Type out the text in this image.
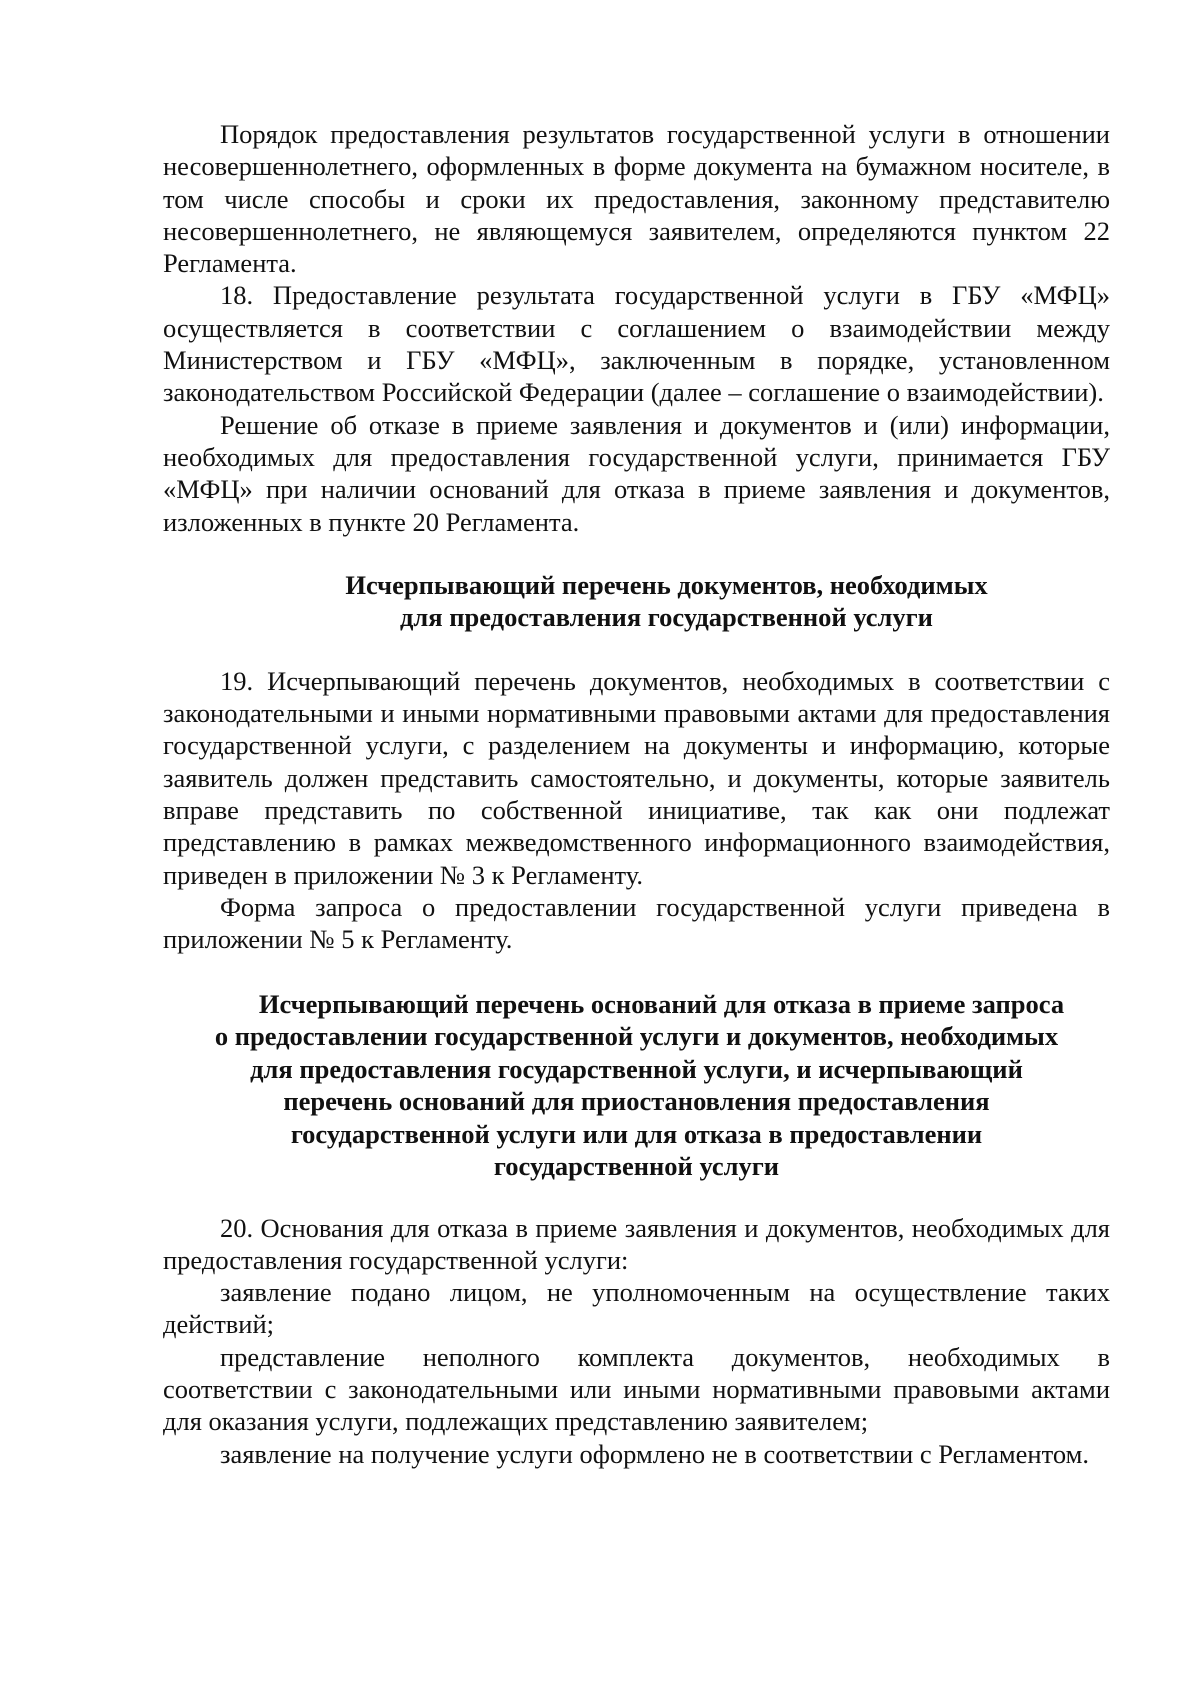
Порядок предоставления результатов государственной услуги в отношении несовершеннолетнего, оформленных в форме документа на бумажном носителе, в том числе способы и сроки их предоставления, законному представителю несовершеннолетнего, не являющемуся заявителем, определяются пунктом 22 Регламента.

18. Предоставление результата государственной услуги в ГБУ «МФЦ» осуществляется в соответствии с соглашением о взаимодействии между Министерством и ГБУ «МФЦ», заключенным в порядке, установленном законодательством Российской Федерации (далее – соглашение о взаимодействии).

Решение об отказе в приеме заявления и документов и (или) информации, необходимых для предоставления государственной услуги, принимается ГБУ «МФЦ» при наличии оснований для отказа в приеме заявления и документов, изложенных в пункте 20 Регламента.

Исчерпывающий перечень документов, необходимых
для предоставления государственной услуги

19. Исчерпывающий перечень документов, необходимых в соответствии с законодательными и иными нормативными правовыми актами для предоставления государственной услуги, с разделением на документы и информацию, которые заявитель должен представить самостоятельно, и документы, которые заявитель вправе представить по собственной инициативе, так как они подлежат представлению в рамках межведомственного информационного взаимодействия, приведен в приложении № 3 к Регламенту.

Форма запроса о предоставлении государственной услуги приведена в приложении № 5 к Регламенту.

Исчерпывающий перечень оснований для отказа в приеме запроса
о предоставлении государственной услуги и документов, необходимых
для предоставления государственной услуги, и исчерпывающий
перечень оснований для приостановления предоставления
государственной услуги или для отказа в предоставлении
государственной услуги

20. Основания для отказа в приеме заявления и документов, необходимых для предоставления государственной услуги:

заявление подано лицом, не уполномоченным на осуществление таких действий;

представление неполного комплекта документов, необходимых в соответствии с законодательными или иными нормативными правовыми актами для оказания услуги, подлежащих представлению заявителем;

заявление на получение услуги оформлено не в соответствии с Регламентом.
